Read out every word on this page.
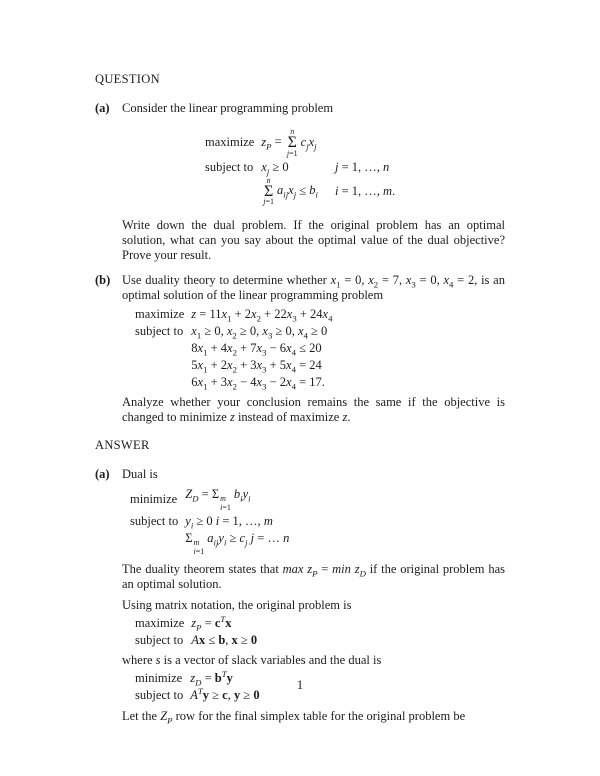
QUESTION
(a) Consider the linear programming problem

maximize $z_P$ =
n
Σ
j=1
$c_jx_j$
subject to $x_j \ge 0$	j = 1, …, n
n
Σ
j=1
$a_{ij}x_j \le b_i$	i = 1, …, m.

Write down the dual problem. If the original problem has an optimal solution, what can you say about the optimal value of the dual objective? Prove your result.

(b) Use duality theory to determine whether $x_1 = 0$, $x_2 = 7$, $x_3 = 0$, $x_4 = 2$, is an optimal solution of the linear programming problem

maximize $z = 11x_1 + 2x_2 + 22x_3 + 24x_4$
subject to $x_1 \ge 0$, $x_2 \ge 0$, $x_3 \ge 0$, $x_4 \ge 0$
$8x_1 + 4x_2 + 7x_3 - 6x_4 \le 20$
$5x_1 + 2x_2 + 3x_3 + 5x_4 = 24$
$6x_1 + 3x_2 - 4x_3 - 2x_4 = 17$.

Analyze whether your conclusion remains the same if the objective is changed to minimize z instead of maximize z.

ANSWER
(a) Dual is

minimize $Z_D = \Sigma$ m
i=1
$b_iy_i$
subject to $y_i \ge 0$ i = 1, …, m
Σ m
i=1
$a_{ij}y_i \ge c_j$ j = … n

The duality theorem states that $\max z_P = \min z_D$ if the original problem has an optimal solution.

Using matrix notation, the original problem is

maximize $z_P = c^Tx$
subject to Ax ≤ b, x ≥ 0

where s is a vector of slack variables and the dual is

minimize $z_D = b^Ty$
subject to $A^Ty \ge c$, y ≥ 0

Let the $Z_P$ row for the final simplex table for the original problem be

1
